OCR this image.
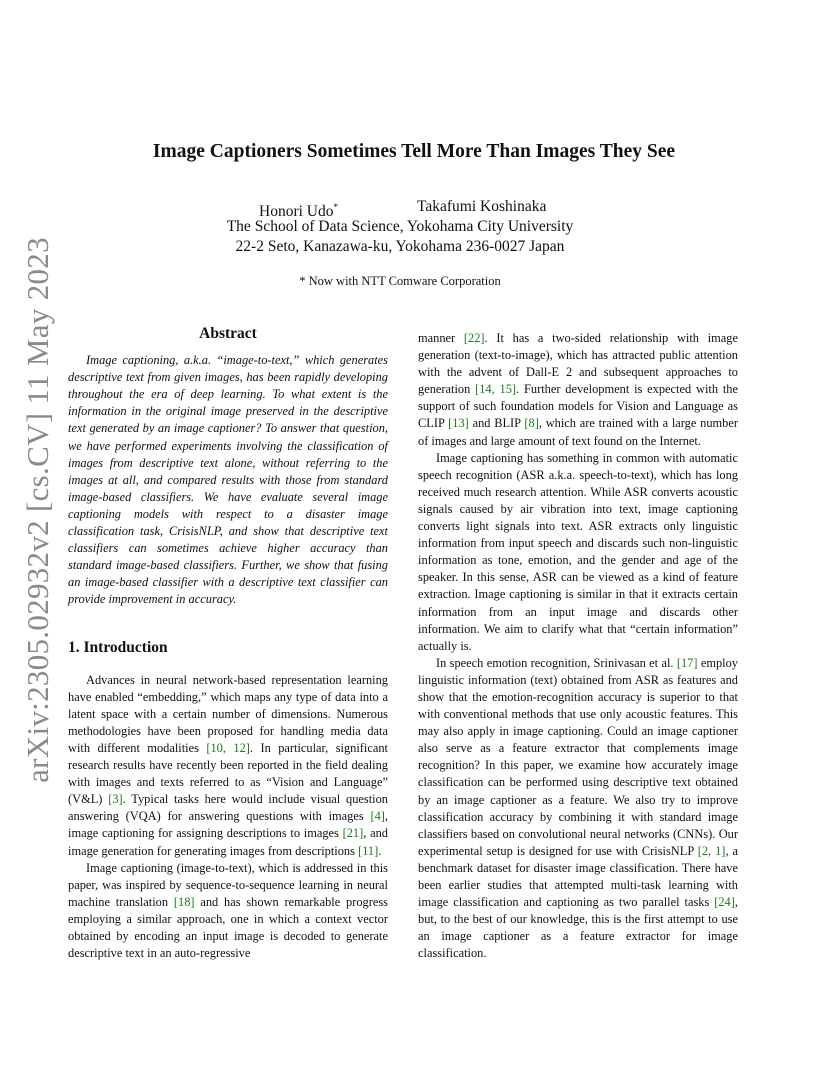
arXiv:2305.02932v2 [cs.CV] 11 May 2023
Image Captioners Sometimes Tell More Than Images They See
Honori Udo*	Takafumi Koshinaka
The School of Data Science, Yokohama City University
22-2 Seto, Kanazawa-ku, Yokohama 236-0027 Japan
* Now with NTT Comware Corporation
Abstract

Image captioning, a.k.a. “image-to-text,” which generates descriptive text from given images, has been rapidly developing throughout the era of deep learning. To what extent is the information in the original image preserved in the descriptive text generated by an image captioner? To answer that question, we have performed experiments involving the classification of images from descriptive text alone, without referring to the images at all, and compared results with those from standard image-based classifiers. We have evaluate several image captioning models with respect to a disaster image classification task, CrisisNLP, and show that descriptive text classifiers can sometimes achieve higher accuracy than standard image-based classifiers. Further, we show that fusing an image-based classifier with a descriptive text classifier can provide improvement in accuracy.

1. Introduction

Advances in neural network-based representation learning have enabled “embedding,” which maps any type of data into a latent space with a certain number of dimensions. Numerous methodologies have been proposed for handling media data with different modalities [10, 12]. In particular, significant research results have recently been reported in the field dealing with images and texts referred to as “Vision and Language” (V&L) [3]. Typical tasks here would include visual question answering (VQA) for answering questions with images [4], image captioning for assigning descriptions to images [21], and image generation for generating images from descriptions [11].

Image captioning (image-to-text), which is addressed in this paper, was inspired by sequence-to-sequence learning in neural machine translation [18] and has shown remarkable progress employing a similar approach, one in which a context vector obtained by encoding an input image is decoded to generate descriptive text in an auto-regressive

manner [22]. It has a two-sided relationship with image generation (text-to-image), which has attracted public attention with the advent of Dall-E 2 and subsequent approaches to generation [14, 15]. Further development is expected with the support of such foundation models for Vision and Language as CLIP [13] and BLIP [8], which are trained with a large number of images and large amount of text found on the Internet.

Image captioning has something in common with automatic speech recognition (ASR a.k.a. speech-to-text), which has long received much research attention. While ASR converts acoustic signals caused by air vibration into text, image captioning converts light signals into text. ASR extracts only linguistic information from input speech and discards such non-linguistic information as tone, emotion, and the gender and age of the speaker. In this sense, ASR can be viewed as a kind of feature extraction. Image captioning is similar in that it extracts certain information from an input image and discards other information. We aim to clarify what that “certain information” actually is.

In speech emotion recognition, Srinivasan et al. [17] employ linguistic information (text) obtained from ASR as features and show that the emotion-recognition accuracy is superior to that with conventional methods that use only acoustic features. This may also apply in image captioning. Could an image captioner also serve as a feature extractor that complements image recognition? In this paper, we examine how accurately image classification can be performed using descriptive text obtained by an image captioner as a feature. We also try to improve classification accuracy by combining it with standard image classifiers based on convolutional neural networks (CNNs). Our experimental setup is designed for use with CrisisNLP [2, 1], a benchmark dataset for disaster image classification. There have been earlier studies that attempted multi-task learning with image classification and captioning as two parallel tasks [24], but, to the best of our knowledge, this is the first attempt to use an image captioner as a feature extractor for image classification.
